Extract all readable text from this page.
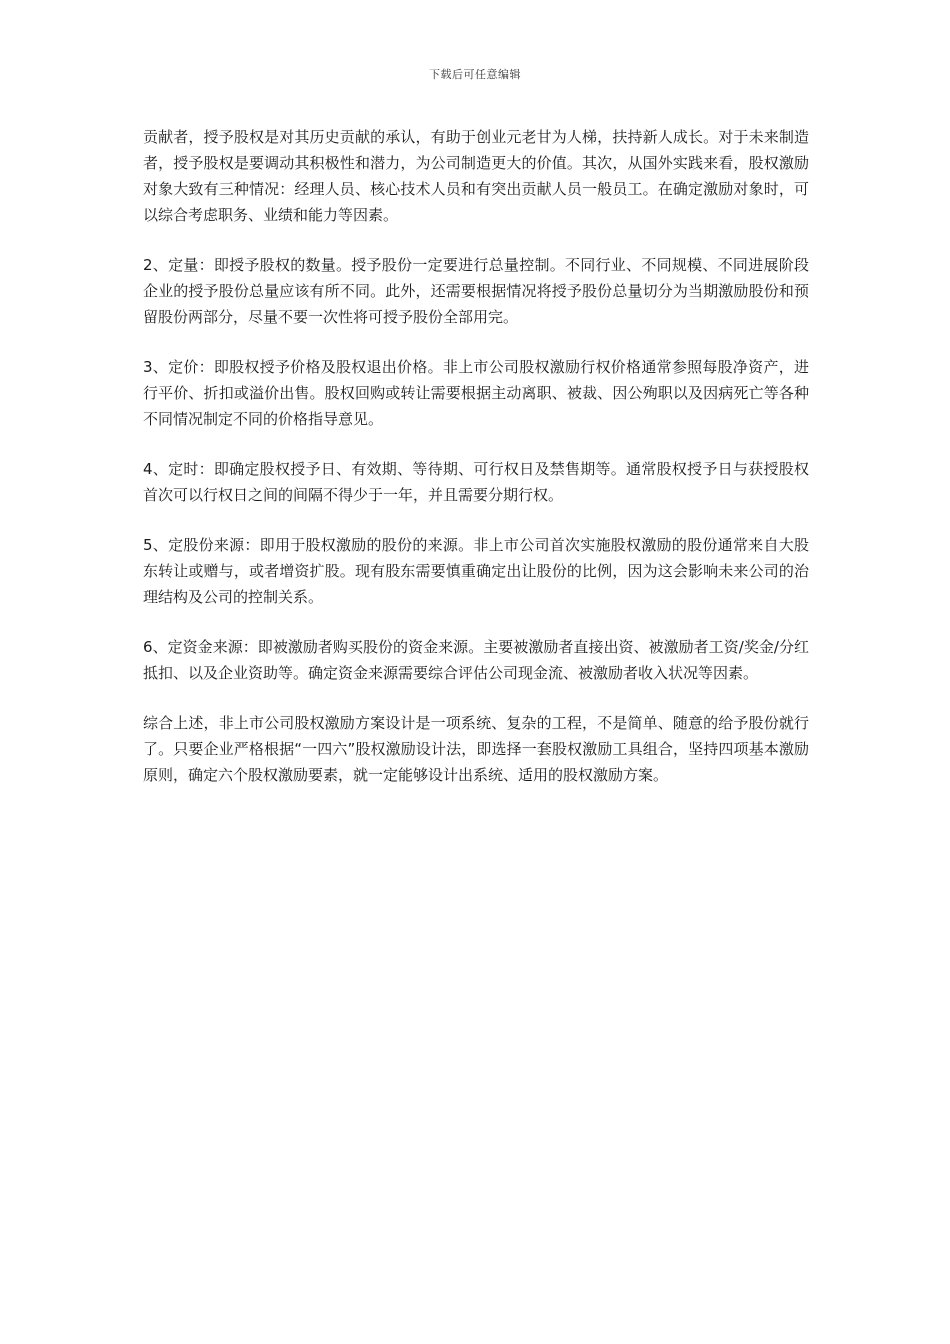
下载后可任意编辑

贡献者，授予股权是对其历史贡献的承认，有助于创业元老甘为人梯，扶持新人成长。对于未来制造者，授予股权是要调动其积极性和潜力，为公司制造更大的价值。其次，从国外实践来看，股权激励对象大致有三种情况：经理人员、核心技术人员和有突出贡献人员一般员工。在确定激励对象时，可以综合考虑职务、业绩和能力等因素。

2、定量：即授予股权的数量。授予股份一定要进行总量控制。不同行业、不同规模、不同进展阶段企业的授予股份总量应该有所不同。此外，还需要根据情况将授予股份总量切分为当期激励股份和预留股份两部分，尽量不要一次性将可授予股份全部用完。

3、定价：即股权授予价格及股权退出价格。非上市公司股权激励行权价格通常参照每股净资产，进行平价、折扣或溢价出售。股权回购或转让需要根据主动离职、被裁、因公殉职以及因病死亡等各种不同情况制定不同的价格指导意见。

4、定时：即确定股权授予日、有效期、等待期、可行权日及禁售期等。通常股权授予日与获授股权首次可以行权日之间的间隔不得少于一年，并且需要分期行权。

5、定股份来源：即用于股权激励的股份的来源。非上市公司首次实施股权激励的股份通常来自大股东转让或赠与，或者增资扩股。现有股东需要慎重确定出让股份的比例，因为这会影响未来公司的治理结构及公司的控制关系。

6、定资金来源：即被激励者购买股份的资金来源。主要被激励者直接出资、被激励者工资/奖金/分红抵扣、以及企业资助等。确定资金来源需要综合评估公司现金流、被激励者收入状况等因素。

综合上述，非上市公司股权激励方案设计是一项系统、复杂的工程，不是简单、随意的给予股份就行了。只要企业严格根据“一四六”股权激励设计法，即选择一套股权激励工具组合，坚持四项基本激励原则，确定六个股权激励要素，就一定能够设计出系统、适用的股权激励方案。
